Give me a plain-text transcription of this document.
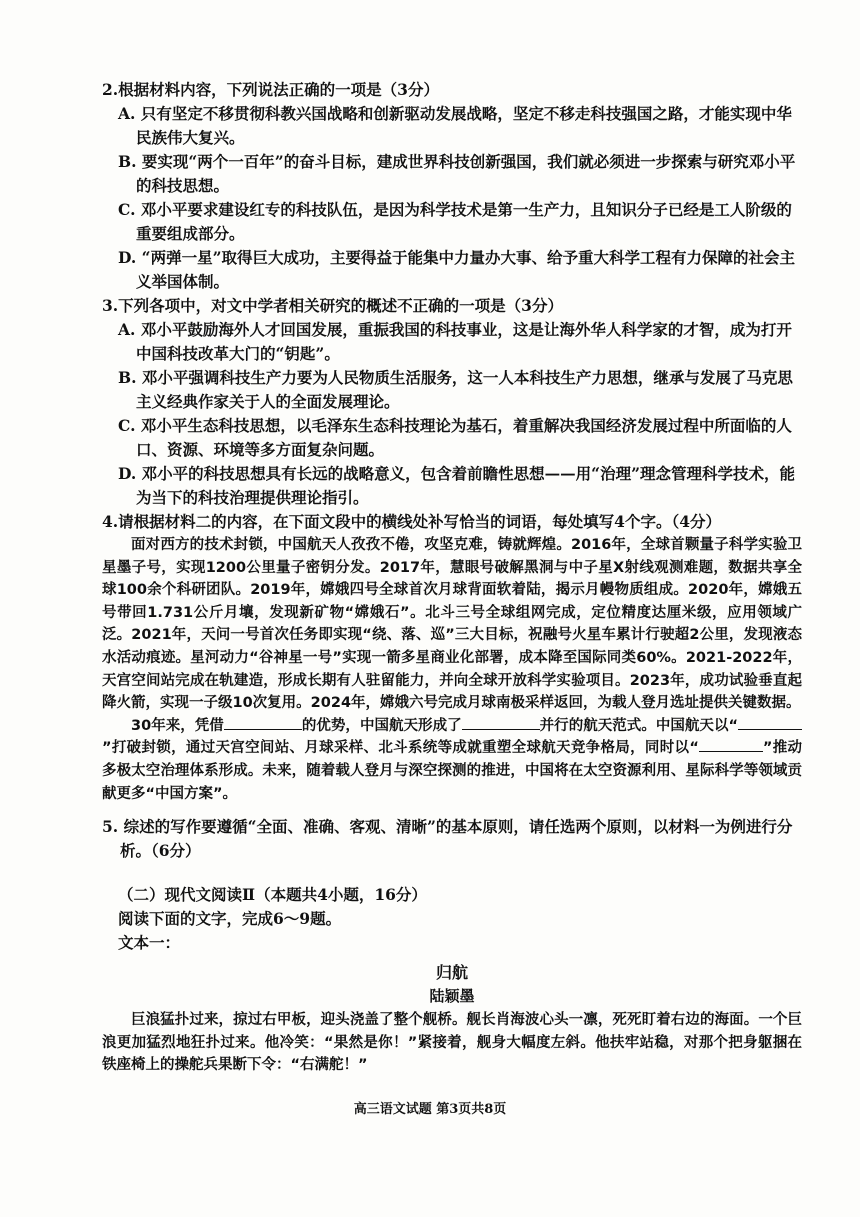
2.根据材料内容，下列说法正确的一项是（3分）

A. 只有坚定不移贯彻科教兴国战略和创新驱动发展战略，坚定不移走科技强国之路，才能实现中华民族伟大复兴。

B. 要实现“两个一百年”的奋斗目标，建成世界科技创新强国，我们就必须进一步探索与研究邓小平的科技思想。

C. 邓小平要求建设红专的科技队伍，是因为科学技术是第一生产力，且知识分子已经是工人阶级的重要组成部分。

D. “两弹一星”取得巨大成功，主要得益于能集中力量办大事、给予重大科学工程有力保障的社会主义举国体制。

3.下列各项中，对文中学者相关研究的概述不正确的一项是（3分）

A. 邓小平鼓励海外人才回国发展，重振我国的科技事业，这是让海外华人科学家的才智，成为打开中国科技改革大门的“钥匙”。

B. 邓小平强调科技生产力要为人民物质生活服务，这一人本科技生产力思想，继承与发展了马克思主义经典作家关于人的全面发展理论。

C. 邓小平生态科技思想，以毛泽东生态科技理论为基石，着重解决我国经济发展过程中所面临的人口、资源、环境等多方面复杂问题。

D. 邓小平的科技思想具有长远的战略意义，包含着前瞻性思想——用“治理”理念管理科学技术，能为当下的科技治理提供理论指引。

4.请根据材料二的内容，在下面文段中的横线处补写恰当的词语，每处填写4个字。（4分）

面对西方的技术封锁，中国航天人孜孜不倦，攻坚克难，铸就辉煌。2016年，全球首颗量子科学实验卫星墨子号，实现1200公里量子密钥分发。2017年，慧眼号破解黑洞与中子星X射线观测难题，数据共享全球100余个科研团队。2019年，嫦娥四号全球首次月球背面软着陆，揭示月幔物质组成。2020年，嫦娥五号带回1.731公斤月壤，发现新矿物“嫦娥石”。北斗三号全球组网完成，定位精度达厘米级，应用领域广泛。2021年，天问一号首次任务即实现“绕、落、巡”三大目标，祝融号火星车累计行驶超2公里，发现液态水活动痕迹。星河动力“谷神星一号”实现一箭多星商业化部署，成本降至国际同类60%。2021-2022年，天宫空间站完成在轨建造，形成长期有人驻留能力，并向全球开放科学实验项目。2023年，成功试验垂直起降火箭，实现一子级10次复用。2024年，嫦娥六号完成月球南极采样返回，为载人登月选址提供关键数据。

30年来，凭借	的优势，中国航天形成了	并行的航天范式。中国航天以“”打破封锁，通过天宫空间站、月球采样、北斗系统等成就重塑全球航天竞争格局，同时以“	”推动多极太空治理体系形成。未来，随着载人登月与深空探测的推进，中国将在太空资源利用、星际科学等领域贡献更多“中国方案”。

5. 综述的写作要遵循“全面、准确、客观、清晰”的基本原则，请任选两个原则，以材料一为例进行分析。（6分）

（二）现代文阅读Ⅱ（本题共4小题，16分）
阅读下面的文字，完成6～9题。
文本一：
归航
陆颖墨

巨浪猛扑过来，掠过右甲板，迎头浇盖了整个舰桥。舰长肖海波心头一凛，死死盯着右边的海面。一个巨浪更加猛烈地狂扑过来。他冷笑：“果然是你！”紧接着，舰身大幅度左斜。他扶牢站稳，对那个把身躯捆在铁座椅上的操舵兵果断下令：“右满舵！”

高三语文试题 第3页共8页
